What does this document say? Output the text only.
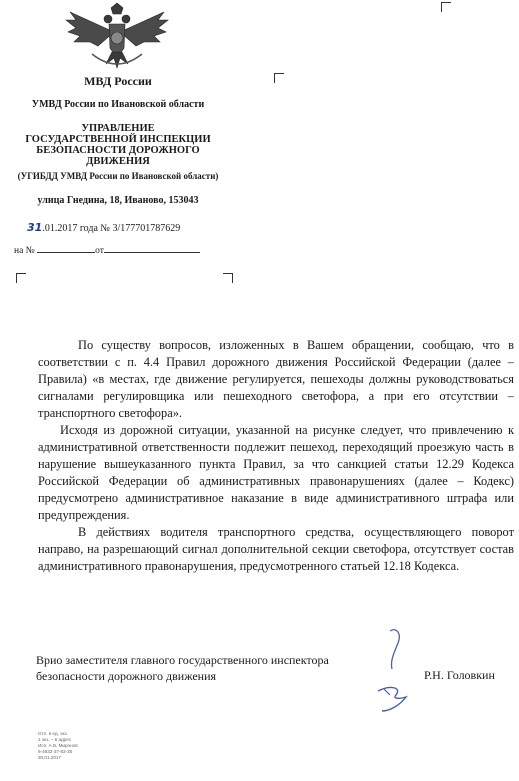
МВД России
УМВД России по Ивановской области
УПРАВЛЕНИЕ
ГОСУДАРСТВЕННОЙ ИНСПЕКЦИИ
БЕЗОПАСНОСТИ ДОРОЖНОГО
ДВИЖЕНИЯ
(УГИБДД УМВД России по Ивановской области)
улица Гнедина, 18, Иваново, 153043
31.01.2017 года № 3/177701787629
на №	от

По существу вопросов, изложенных в Вашем обращении, сообщаю, что в соответствии с п. 4.4 Правил дорожного движения Российской Федерации (далее – Правила) «в местах, где движение регулируется, пешеходы должны руководствоваться сигналами регулировщика или пешеходного светофора, а при его отсутствии – транспортного светофора».

Исходя из дорожной ситуации, указанной на рисунке следует, что привлечению к административной ответственности подлежит пешеход, переходящий проезжую часть в нарушение вышеуказанного пункта Правил, за что санкцией статьи 12.29 Кодекса Российской Федерации об административных правонарушениях (далее – Кодекс) предусмотрено административное наказание в виде административного штрафа или предупреждения.

В действиях водителя транспортного средства, осуществляющего поворот направо, на разрешающий сигнал дополнительной секции светофора, отсутствует состав административного правонарушения, предусмотренного статьей 12.18 Кодекса.

Врио заместителя главного государственного инспектора
безопасности дорожного движения	Р.Н. Головкин
Отп. в ед. экз.
1 экз. – в адрес
Исп. А.В. Миронов
8-4932-37-83-35
30.01.2017
